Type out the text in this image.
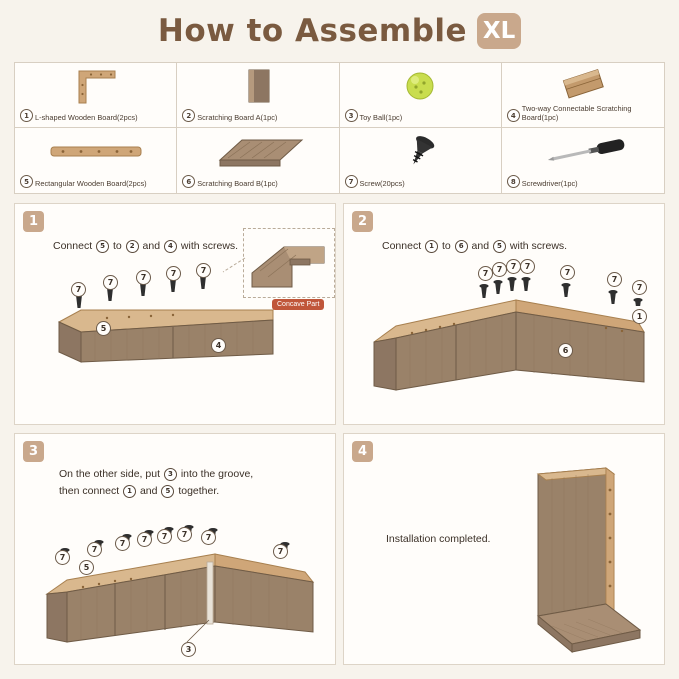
How to Assemble XL
1 L-shaped Wooden Board(2pcs)	2 Scratching Board A(1pc)	3 Toy Ball(1pc)	4
Two-way Connectable Scratching Board(1pc)
5 Rectangular Wooden Board(2pcs)	6 Scratching Board B(1pc)	7 Screw(20pcs)	8 Screwdriver(1pc)
1
Connect 5 to 2 and 4 with screws.
Concave Part
7
7
7	7	7
5
4
2
Connect 1 to 6 and 5 with screws.
7	7	7	7
7
7
7
1
6
3
On the other side, put 3 into the groove,
then connect 1 and 5 together.
7
7
7	7	7	7	7
7
5
3
4
Installation completed.
